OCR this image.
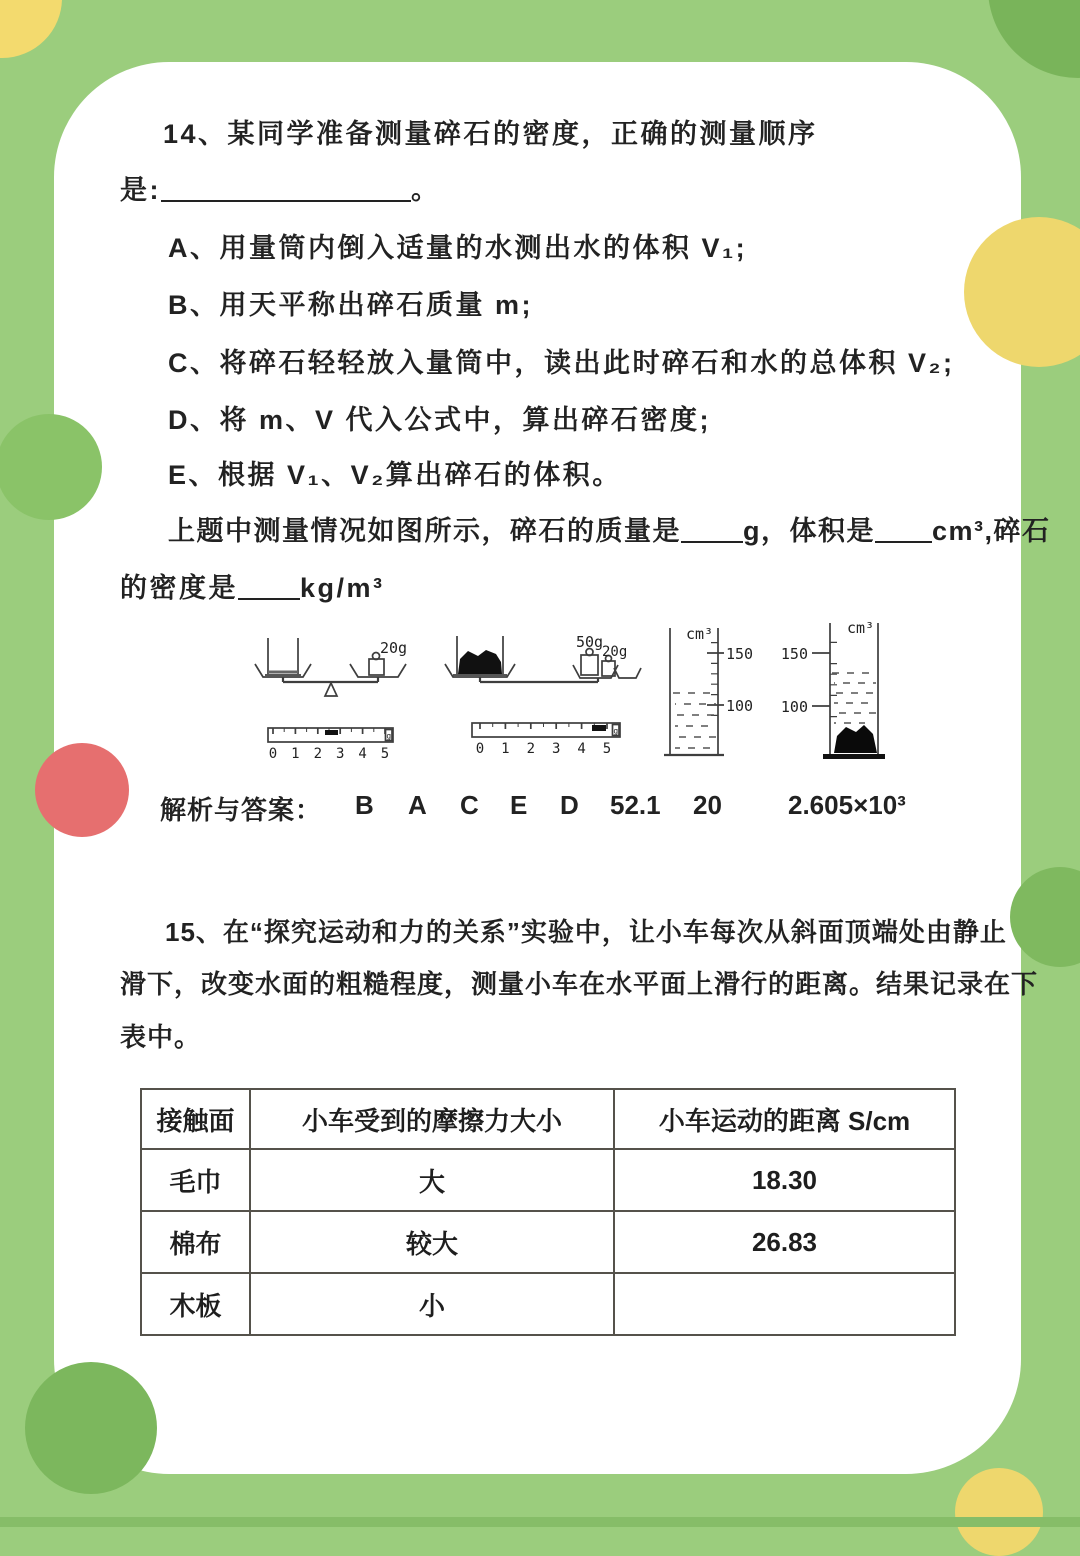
14、某同学准备测量碎石的密度，正确的测量顺序
是:	。
A、用量筒内倒入适量的水测出水的体积 V₁;
B、用天平称出碎石质量 m;
C、将碎石轻轻放入量筒中，读出此时碎石和水的总体积 V₂;
D、将 m、V 代入公式中，算出碎石密度;
E、根据 V₁、V₂算出碎石的体积。
上题中测量情况如图所示，碎石的质量是 g，体积是 cm³,碎石
的密度是 kg/m³
20g
g
0 1 2 3 4 5
50g
20g
g
0 1 2 3 4 5
cm³
150
100
cm³
150
100
解析与答案： B A C E D 52.1 20	2.605×10³
15、在“探究运动和力的关系”实验中，让小车每次从斜面顶端处由静止
滑下，改变水面的粗糙程度，测量小车在水平面上滑行的距离。结果记录在下
表中。
接触面	小车受到的摩擦力大小	小车运动的距离 S/cm
毛巾	大	18.30
棉布	较大	26.83
木板	小	
